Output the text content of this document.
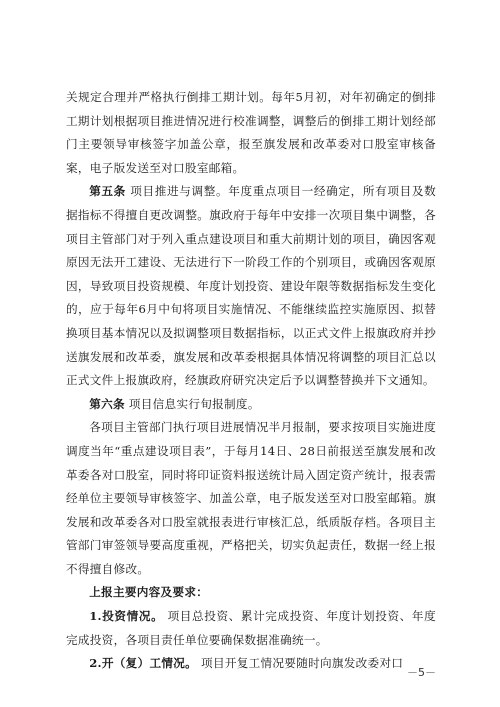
关规定合理并严格执行倒排工期计划。每年5月初，对年初确定的倒排工期计划根据项目推进情况进行校准调整，调整后的倒排工期计划经部门主要领导审核签字加盖公章，报至旗发展和改革委对口股室审核备案，电子版发送至对口股室邮箱。

第五条 项目推进与调整。年度重点项目一经确定，所有项目及数据指标不得擅自更改调整。旗政府于每年中安排一次项目集中调整，各项目主管部门对于列入重点建设项目和重大前期计划的项目，确因客观原因无法开工建设、无法进行下一阶段工作的个别项目，或确因客观原因，导致项目投资规模、年度计划投资、建设年限等数据指标发生变化的，应于每年6月中旬将项目实施情况、不能继续监控实施原因、拟替换项目基本情况以及拟调整项目数据指标，以正式文件上报旗政府并抄送旗发展和改革委，旗发展和改革委根据具体情况将调整的项目汇总以正式文件上报旗政府，经旗政府研究决定后予以调整替换并下文通知。

第六条 项目信息实行旬报制度。

各项目主管部门执行项目进展情况半月报制，要求按项目实施进度调度当年“重点建设项目表”，于每月14日、28日前报送至旗发展和改革委各对口股室，同时将印证资料报送统计局入固定资产统计，报表需经单位主要领导审核签字、加盖公章，电子版发送至对口股室邮箱。旗发展和改革委各对口股室就报表进行审核汇总，纸质版存档。各项目主管部门审签领导要高度重视，严格把关，切实负起责任，数据一经上报不得擅自修改。

上报主要内容及要求：

1.投资情况。 项目总投资、累计完成投资、年度计划投资、年度完成投资，各项目责任单位要确保数据准确统一。

2.开（复）工情况。 项目开复工情况要随时向旗发改委对口

－5－
